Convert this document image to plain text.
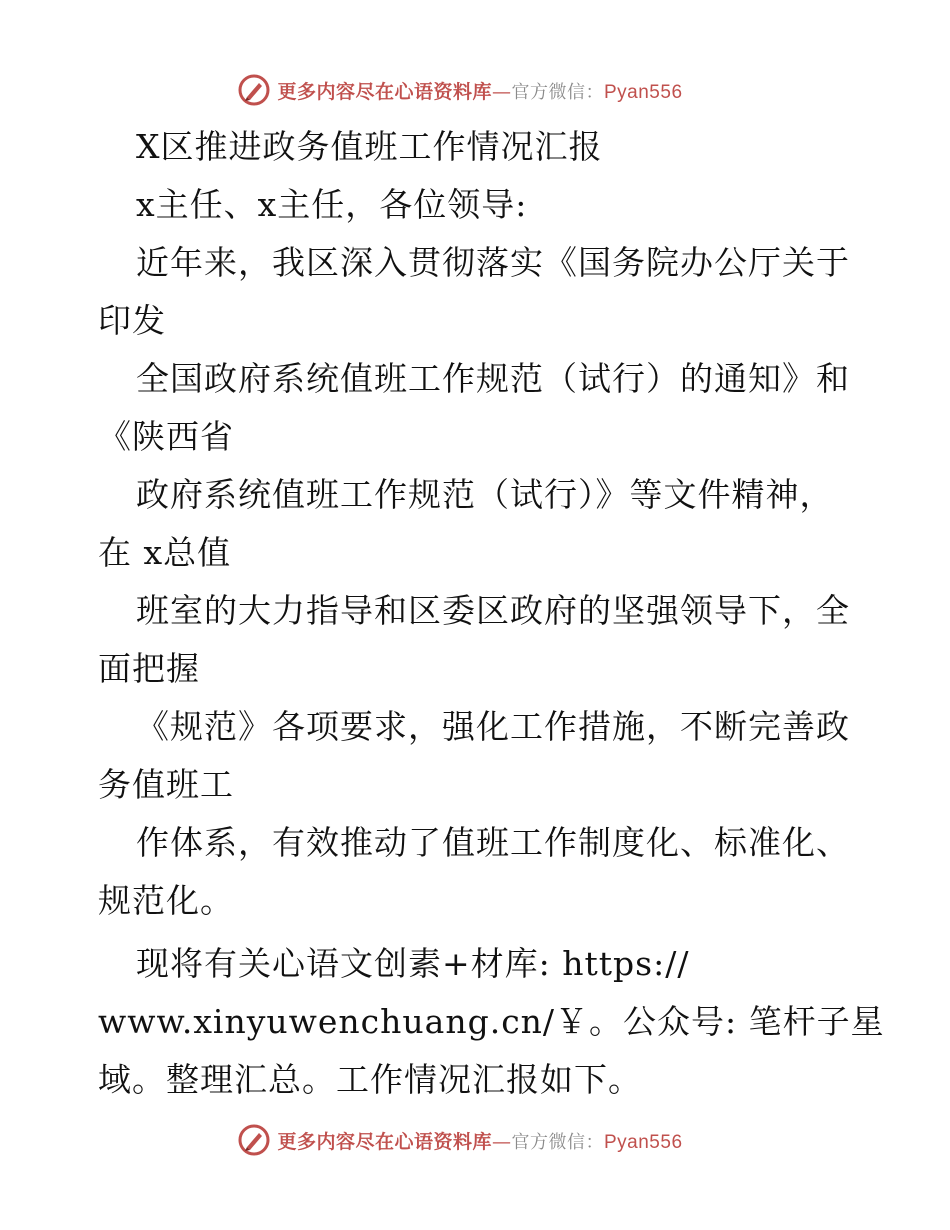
更多内容尽在心语资料库—官方微信：Pyan556
X区推进政务值班工作情况汇报
x主任、x主任，各位领导:
近年来，我区深入贯彻落实《国务院办公厅关于
印发
全国政府系统值班工作规范（试行）的通知》和
《陕西省
政府系统值班工作规范（试行）》等文件精神，
在 x总值
班室的大力指导和区委区政府的坚强领导下，全
面把握
《规范》各项要求，强化工作措施，不断完善政
务值班工
作体系，有效推动了值班工作制度化、标准化、
规范化。
现将有关心语文创素+材库: https://
www.xinyuwenchuang.cn/￥。公众号: 笔杆子星
域。整理汇总。工作情况汇报如下。
更多内容尽在心语资料库—官方微信：Pyan556
